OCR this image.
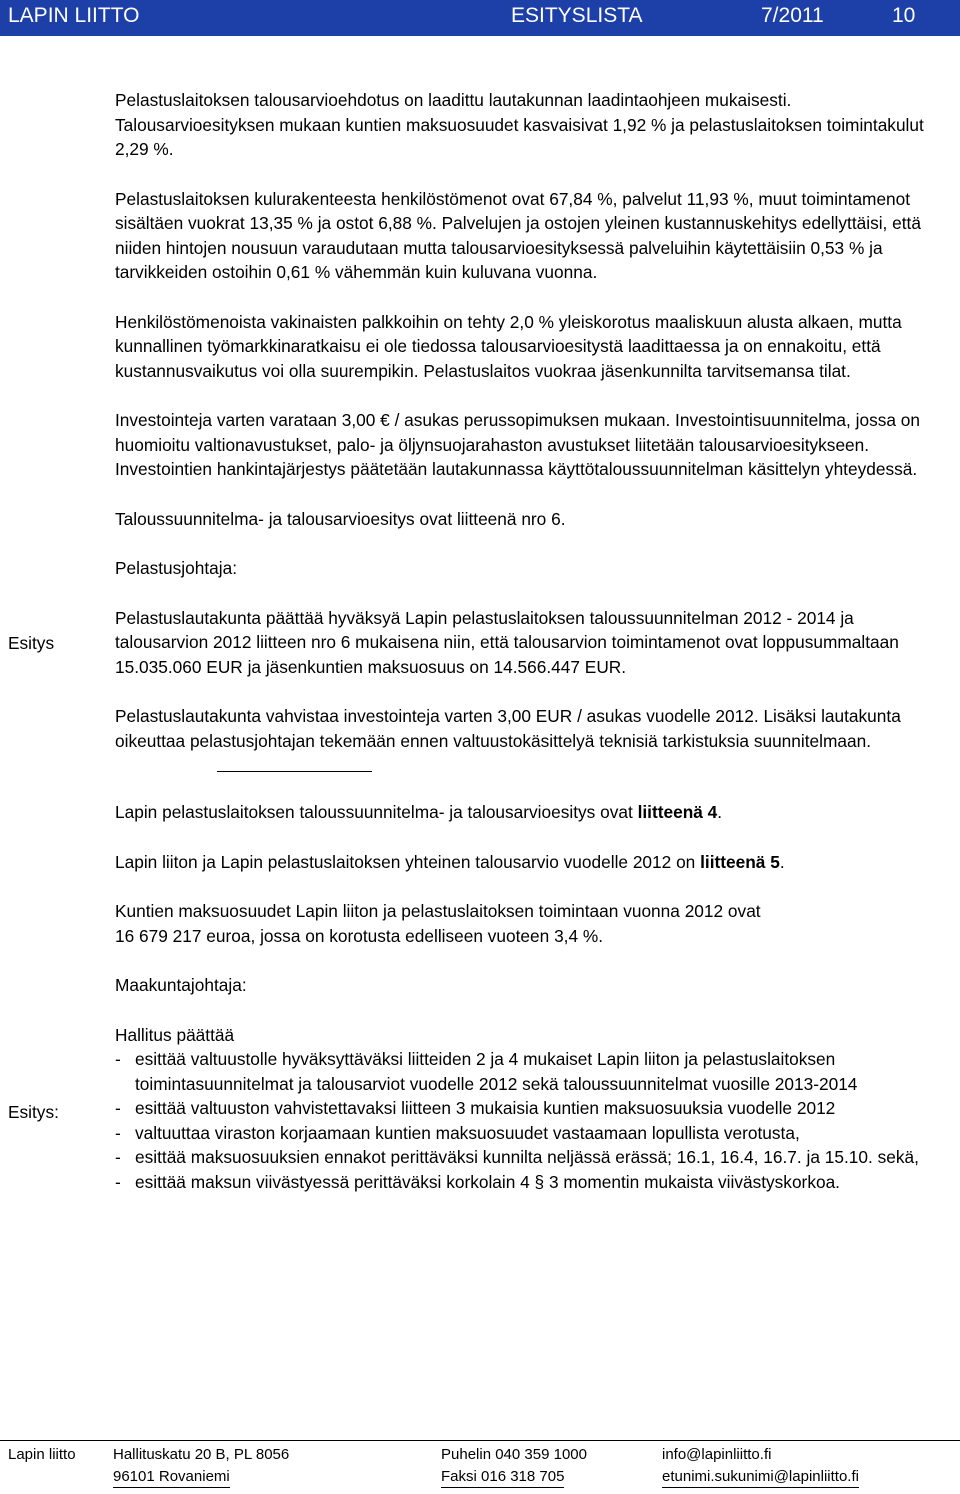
LAPIN LIITTO	ESITYSLISTA	7/2011	10

Pelastuslaitoksen talousarvioehdotus on laadittu lautakunnan laadintaohjeen mukaisesti. Talousarvioesityksen mukaan kuntien maksuosuudet kasvaisivat 1,92 % ja pelastuslaitoksen toimintakulut 2,29 %.

Pelastuslaitoksen kulurakenteesta henkilöstömenot ovat 67,84 %, palvelut 11,93 %, muut toimintamenot sisältäen vuokrat 13,35 % ja ostot 6,88 %. Palvelujen ja ostojen yleinen kustannuskehitys edellyttäisi, että niiden hintojen nousuun varaudutaan mutta talousarvioesityksessä palveluihin käytettäisiin 0,53 % ja tarvikkeiden ostoihin 0,61 % vähemmän kuin kuluvana vuonna.

Henkilöstömenoista vakinaisten palkkoihin on tehty 2,0 % yleiskorotus maaliskuun alusta alkaen, mutta kunnallinen työmarkkinaratkaisu ei ole tiedossa talousarvioesitystä laadittaessa ja on ennakoitu, että kustannusvaikutus voi olla suurempikin. Pelastuslaitos vuokraa jäsenkunnilta tarvitsemansa tilat.

Investointeja varten varataan 3,00 € / asukas perussopimuksen mukaan. Investointisuunnitelma, jossa on huomioitu valtionavustukset, palo- ja öljynsuojarahaston avustukset liitetään talousarvioesitykseen. Investointien hankintajärjestys päätetään lautakunnassa käyttötaloussuunnitelman käsittelyn yhteydessä.

Taloussuunnitelma- ja talousarvioesitys ovat liitteenä nro 6.

Pelastusjohtaja:

Pelastuslautakunta päättää hyväksyä Lapin pelastuslaitoksen taloussuunnitelman 2012 - 2014 ja talousarvion 2012 liitteen nro 6 mukaisena niin, että talousarvion toimintamenot ovat loppusummaltaan 15.035.060 EUR ja jäsenkuntien maksuosuus on 14.566.447 EUR.

Pelastuslautakunta vahvistaa investointeja varten 3,00 EUR / asukas vuodelle 2012. Lisäksi lautakunta oikeuttaa pelastusjohtajan tekemään ennen valtuustokäsittelyä teknisiä tarkistuksia suunnitelmaan.

Lapin pelastuslaitoksen taloussuunnitelma- ja talousarvioesitys ovat liitteenä 4.

Lapin liiton ja Lapin pelastuslaitoksen yhteinen talousarvio vuodelle 2012 on liitteenä 5.

Kuntien maksuosuudet Lapin liiton ja pelastuslaitoksen toimintaan vuonna 2012 ovat
16 679 217 euroa, jossa on korotusta edelliseen vuoteen 3,4 %.

Maakuntajohtaja:

Hallitus päättää
- esittää valtuustolle hyväksyttäväksi liitteiden 2 ja 4 mukaiset Lapin liiton ja pelastuslaitoksen toimintasuunnitelmat ja talousarviot vuodelle 2012 sekä taloussuunnitelmat vuosille 2013-2014
- esittää valtuuston vahvistettavaksi liitteen 3 mukaisia kuntien maksuosuuksia vuodelle 2012
- valtuuttaa viraston korjaamaan kuntien maksuosuudet vastaamaan lopullista verotusta,
- esittää maksuosuuksien ennakot perittäväksi kunnilta neljässä erässä; 16.1, 16.4, 16.7. ja 15.10. sekä,
- esittää maksun viivästyessä perittäväksi korkolain 4 § 3 momentin mukaista viivästyskorkoa.
Esitys
Esitys:
Lapin liitto Hallituskatu 20 B, PL 8056	Puhelin 040 359 1000	info@lapinliitto.fi
96101 Rovaniemi	Faksi 016 318 705	etunimi.sukunimi@lapinliitto.fi
